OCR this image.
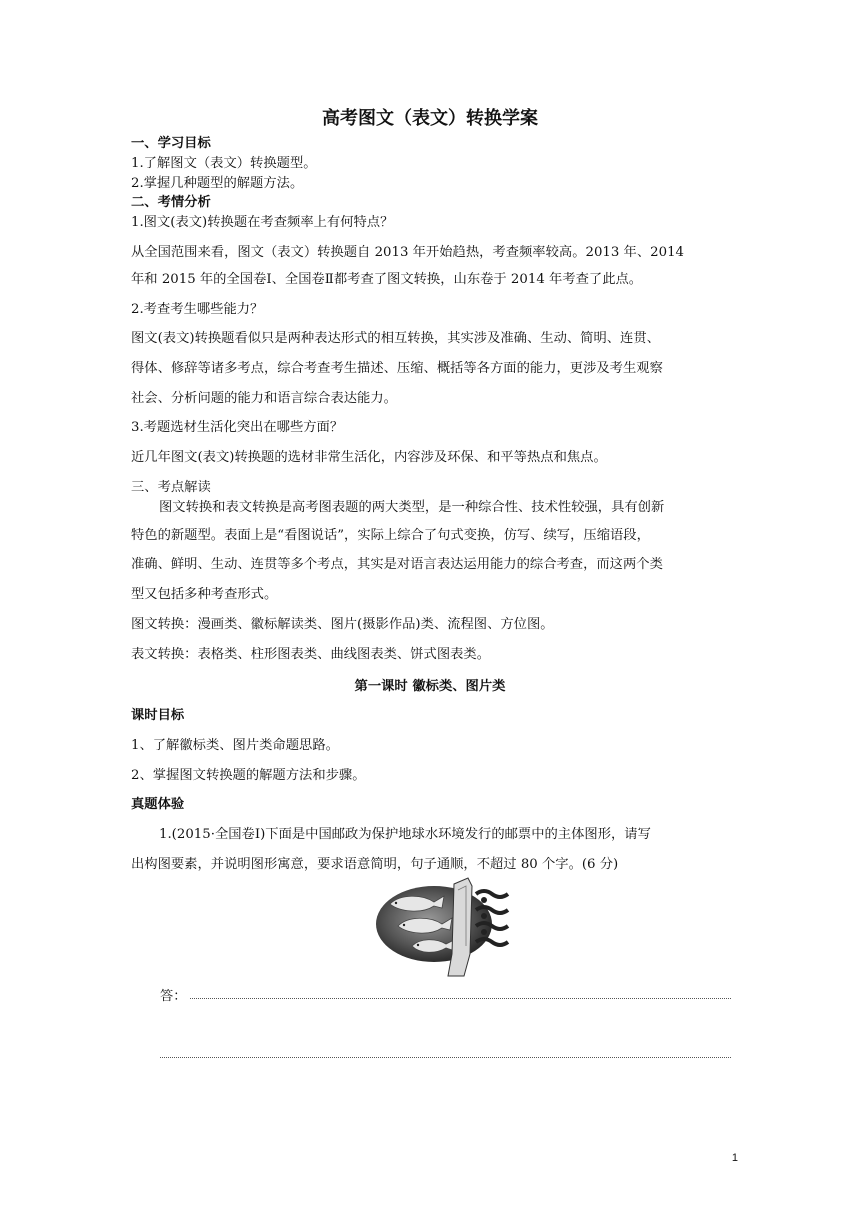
高考图文（表文）转换学案
一、学习目标
1.了解图文（表文）转换题型。
2.掌握几种题型的解题方法。
二、考情分析
1.图文(表文)转换题在考查频率上有何特点？
从全国范围来看，图文（表文）转换题自 2013 年开始趋热，考查频率较高。2013 年、2014
年和 2015 年的全国卷Ⅰ、全国卷Ⅱ都考查了图文转换，山东卷于 2014 年考查了此点。
2.考查考生哪些能力？
图文(表文)转换题看似只是两种表达形式的相互转换，其实涉及准确、生动、简明、连贯、
得体、修辞等诸多考点，综合考查考生描述、压缩、概括等各方面的能力，更涉及考生观察
社会、分析问题的能力和语言综合表达能力。
3.考题选材生活化突出在哪些方面？
近几年图文(表文)转换题的选材非常生活化，内容涉及环保、和平等热点和焦点。
三、考点解读
图文转换和表文转换是高考图表题的两大类型，是一种综合性、技术性较强，具有创新
特色的新题型。表面上是“看图说话”，实际上综合了句式变换，仿写、续写，压缩语段，
准确、鲜明、生动、连贯等多个考点，其实是对语言表达运用能力的综合考查，而这两个类
型又包括多种考查形式。
图文转换：漫画类、徽标解读类、图片(摄影作品)类、流程图、方位图。
表文转换：表格类、柱形图表类、曲线图表类、饼式图表类。
第一课时 徽标类、图片类
课时目标
1、了解徽标类、图片类命题思路。
2、掌握图文转换题的解题方法和步骤。
真题体验
1.(2015·全国卷Ⅰ)下面是中国邮政为保护地球水环境发行的邮票中的主体图形，请写
出构图要素，并说明图形寓意，要求语意简明，句子通顺，不超过 80 个字。(6 分)
答：
1
